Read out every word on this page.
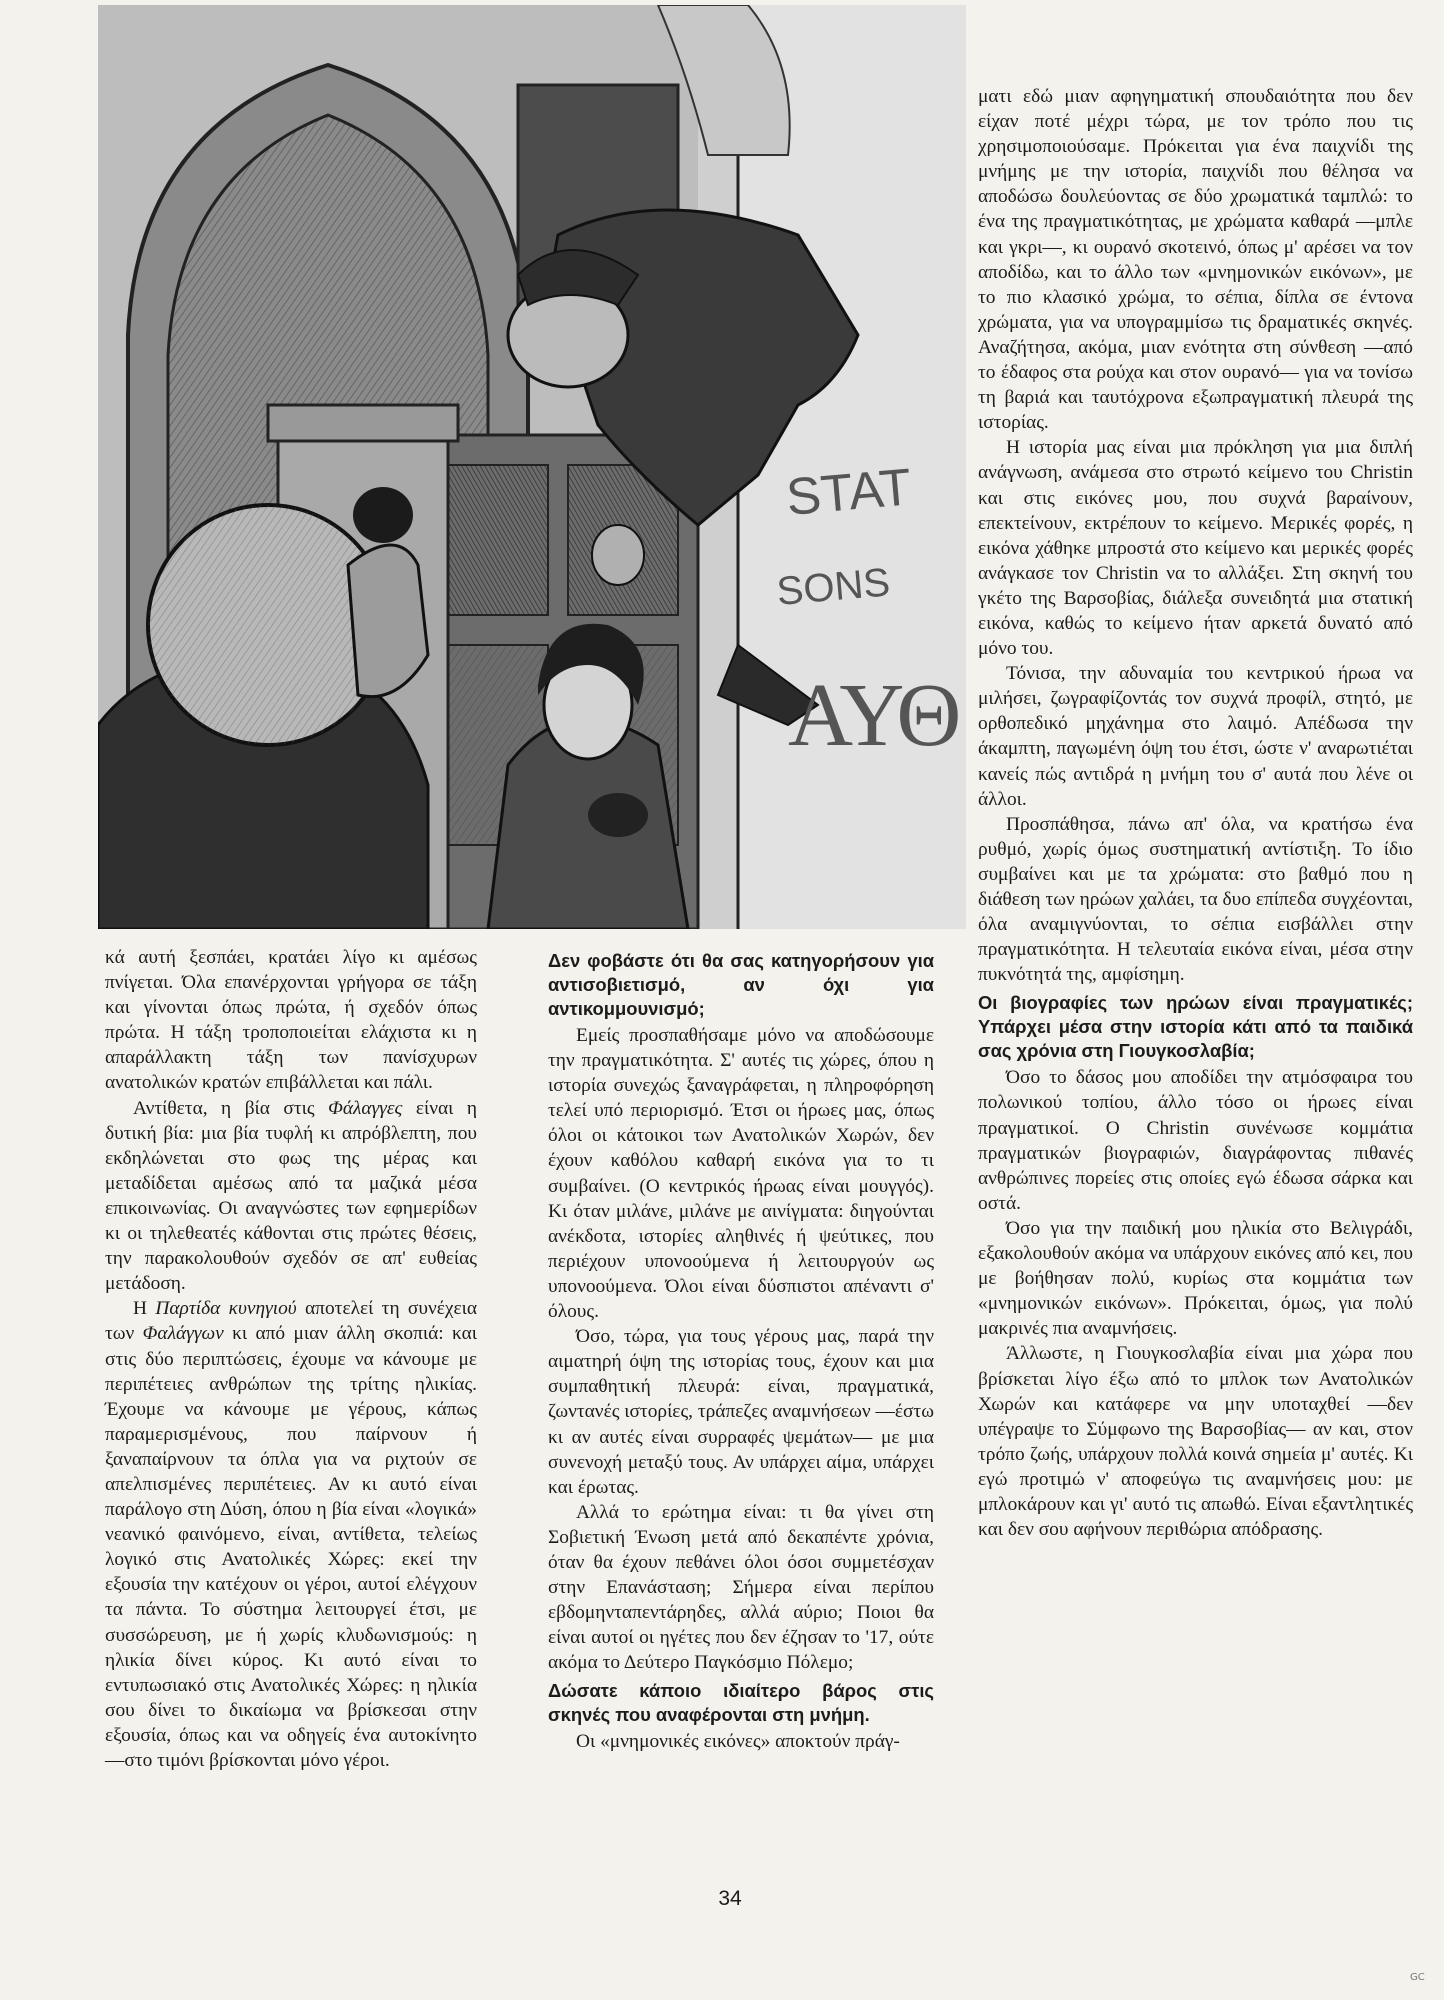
STAT
SONS
ΑΥΘ

ματι εδώ μιαν αφηγηματική σπουδαιότητα που δεν είχαν ποτέ μέχρι τώρα, με τον τρόπο που τις χρησιμοποιούσαμε. Πρόκειται για ένα παιχνίδι της μνήμης με την ιστορία, παιχνίδι που θέλησα να αποδώσω δουλεύοντας σε δύο χρωματικά ταμπλώ: το ένα της πραγματικότητας, με χρώματα καθαρά —μπλε και γκρι—, κι ουρανό σκοτεινό, όπως μ' αρέσει να τον αποδίδω, και το άλλο των «μνημονικών εικόνων», με το πιο κλασικό χρώμα, το σέπια, δίπλα σε έντονα χρώματα, για να υπογραμμίσω τις δραματικές σκηνές. Αναζήτησα, ακόμα, μιαν ενότητα στη σύνθεση —από το έδαφος στα ρούχα και στον ουρανό— για να τονίσω τη βαριά και ταυτόχρονα εξωπραγματική πλευρά της ιστορίας.

Η ιστορία μας είναι μια πρόκληση για μια διπλή ανάγνωση, ανάμεσα στο στρωτό κείμενο του Christin και στις εικόνες μου, που συχνά βαραίνουν, επεκτείνουν, εκτρέπουν το κείμενο. Μερικές φορές, η εικόνα χάθηκε μπροστά στο κείμενο και μερικές φορές ανάγκασε τον Christin να το αλλάξει. Στη σκηνή του γκέτο της Βαρσοβίας, διάλεξα συνειδητά μια στατική εικόνα, καθώς το κείμενο ήταν αρκετά δυνατό από μόνο του.

Τόνισα, την αδυναμία του κεντρικού ήρωα να μιλήσει, ζωγραφίζοντάς τον συχνά προφίλ, στητό, με ορθοπεδικό μηχάνημα στο λαιμό. Απέδωσα την άκαμπτη, παγωμένη όψη του έτσι, ώστε ν' αναρωτιέται κανείς πώς αντιδρά η μνήμη του σ' αυτά που λένε οι άλλοι.

Προσπάθησα, πάνω απ' όλα, να κρατήσω ένα ρυθμό, χωρίς όμως συστηματική αντίστιξη. Το ίδιο συμβαίνει και με τα χρώματα: στο βαθμό που η διάθεση των ηρώων χαλάει, τα δυο επίπεδα συγχέονται, όλα αναμιγνύονται, το σέπια εισβάλλει στην πραγματικότητα. Η τελευταία εικόνα είναι, μέσα στην πυκνότητά της, αμφίσημη.

Οι βιογραφίες των ηρώων είναι πραγματικές; Υπάρχει μέσα στην ιστορία κάτι από τα παιδικά σας χρόνια στη Γιουγκοσλαβία;

Όσο το δάσος μου αποδίδει την ατμόσφαιρα του πολωνικού τοπίου, άλλο τόσο οι ήρωες είναι πραγματικοί. Ο Christin συνένωσε κομμάτια πραγματικών βιογραφιών, διαγράφοντας πιθανές ανθρώπινες πορείες στις οποίες εγώ έδωσα σάρκα και οστά.

Όσο για την παιδική μου ηλικία στο Βελιγράδι, εξακολουθούν ακόμα να υπάρχουν εικόνες από κει, που με βοήθησαν πολύ, κυρίως στα κομμάτια των «μνημονικών εικόνων». Πρόκειται, όμως, για πολύ μακρινές πια αναμνήσεις.

Άλλωστε, η Γιουγκοσλαβία είναι μια χώρα που βρίσκεται λίγο έξω από το μπλοκ των Ανατολικών Χωρών και κατάφερε να μην υποταχθεί —δεν υπέγραψε το Σύμφωνο της Βαρσοβίας— αν και, στον τρόπο ζωής, υπάρχουν πολλά κοινά σημεία μ' αυτές. Κι εγώ προτιμώ ν' αποφεύγω τις αναμνήσεις μου: με μπλοκάρουν και γι' αυτό τις απωθώ. Είναι εξαντλητικές και δεν σου αφήνουν περιθώρια απόδρασης.

κά αυτή ξεσπάει, κρατάει λίγο κι αμέσως πνίγεται. Όλα επανέρχονται γρήγορα σε τάξη και γίνονται όπως πρώτα, ή σχεδόν όπως πρώτα. Η τάξη τροποποιείται ελάχιστα κι η απαράλλακτη τάξη των πανίσχυρων ανατολικών κρατών επιβάλλεται και πάλι.

Αντίθετα, η βία στις Φάλαγγες είναι η δυτική βία: μια βία τυφλή κι απρόβλεπτη, που εκδηλώνεται στο φως της μέρας και μεταδίδεται αμέσως από τα μαζικά μέσα επικοινωνίας. Οι αναγνώστες των εφημερίδων κι οι τηλεθεατές κάθονται στις πρώτες θέσεις, την παρακολουθούν σχεδόν σε απ' ευθείας μετάδοση.

Η Παρτίδα κυνηγιού αποτελεί τη συνέχεια των Φαλάγγων κι από μιαν άλλη σκοπιά: και στις δύο περιπτώσεις, έχουμε να κάνουμε με περιπέτειες ανθρώπων της τρίτης ηλικίας. Έχουμε να κάνουμε με γέρους, κάπως παραμερισμένους, που παίρνουν ή ξαναπαίρνουν τα όπλα για να ριχτούν σε απελπισμένες περιπέτειες. Αν κι αυτό είναι παράλογο στη Δύση, όπου η βία είναι «λογικά» νεανικό φαινόμενο, είναι, αντίθετα, τελείως λογικό στις Ανατολικές Χώρες: εκεί την εξουσία την κατέχουν οι γέροι, αυτοί ελέγχουν τα πάντα. Το σύστημα λειτουργεί έτσι, με συσσώρευση, με ή χωρίς κλυδωνισμούς: η ηλικία δίνει κύρος. Κι αυτό είναι το εντυπωσιακό στις Ανατολικές Χώρες: η ηλικία σου δίνει το δικαίωμα να βρίσκεσαι στην εξουσία, όπως και να οδηγείς ένα αυτοκίνητο —στο τιμόνι βρίσκονται μόνο γέροι.

Δεν φοβάστε ότι θα σας κατηγορήσουν για αντισοβιετισμό, αν όχι για αντικομμουνισμό;

Εμείς προσπαθήσαμε μόνο να αποδώσουμε την πραγματικότητα. Σ' αυτές τις χώρες, όπου η ιστορία συνεχώς ξαναγράφεται, η πληροφόρηση τελεί υπό περιορισμό. Έτσι οι ήρωες μας, όπως όλοι οι κάτοικοι των Ανατολικών Χωρών, δεν έχουν καθόλου καθαρή εικόνα για το τι συμβαίνει. (Ο κεντρικός ήρωας είναι μουγγός). Κι όταν μιλάνε, μιλάνε με αινίγματα: διηγούνται ανέκδοτα, ιστορίες αληθινές ή ψεύτικες, που περιέχουν υπονοούμενα ή λειτουργούν ως υπονοούμενα. Όλοι είναι δύσπιστοι απέναντι σ' όλους.

Όσο, τώρα, για τους γέρους μας, παρά την αιματηρή όψη της ιστορίας τους, έχουν και μια συμπαθητική πλευρά: είναι, πραγματικά, ζωντανές ιστορίες, τράπεζες αναμνήσεων —έστω κι αν αυτές είναι συρραφές ψεμάτων— με μια συνενοχή μεταξύ τους. Αν υπάρχει αίμα, υπάρχει και έρωτας.

Αλλά το ερώτημα είναι: τι θα γίνει στη Σοβιετική Ένωση μετά από δεκαπέντε χρόνια, όταν θα έχουν πεθάνει όλοι όσοι συμμετέσχαν στην Επανάσταση; Σήμερα είναι περίπου εβδομηνταπεντάρηδες, αλλά αύριο; Ποιοι θα είναι αυτοί οι ηγέτες που δεν έζησαν το '17, ούτε ακόμα το Δεύτερο Παγκόσμιο Πόλεμο;

Δώσατε κάποιο ιδιαίτερο βάρος στις σκηνές που αναφέρονται στη μνήμη.

Οι «μνημονικές εικόνες» αποκτούν πράγ-

34
GC
